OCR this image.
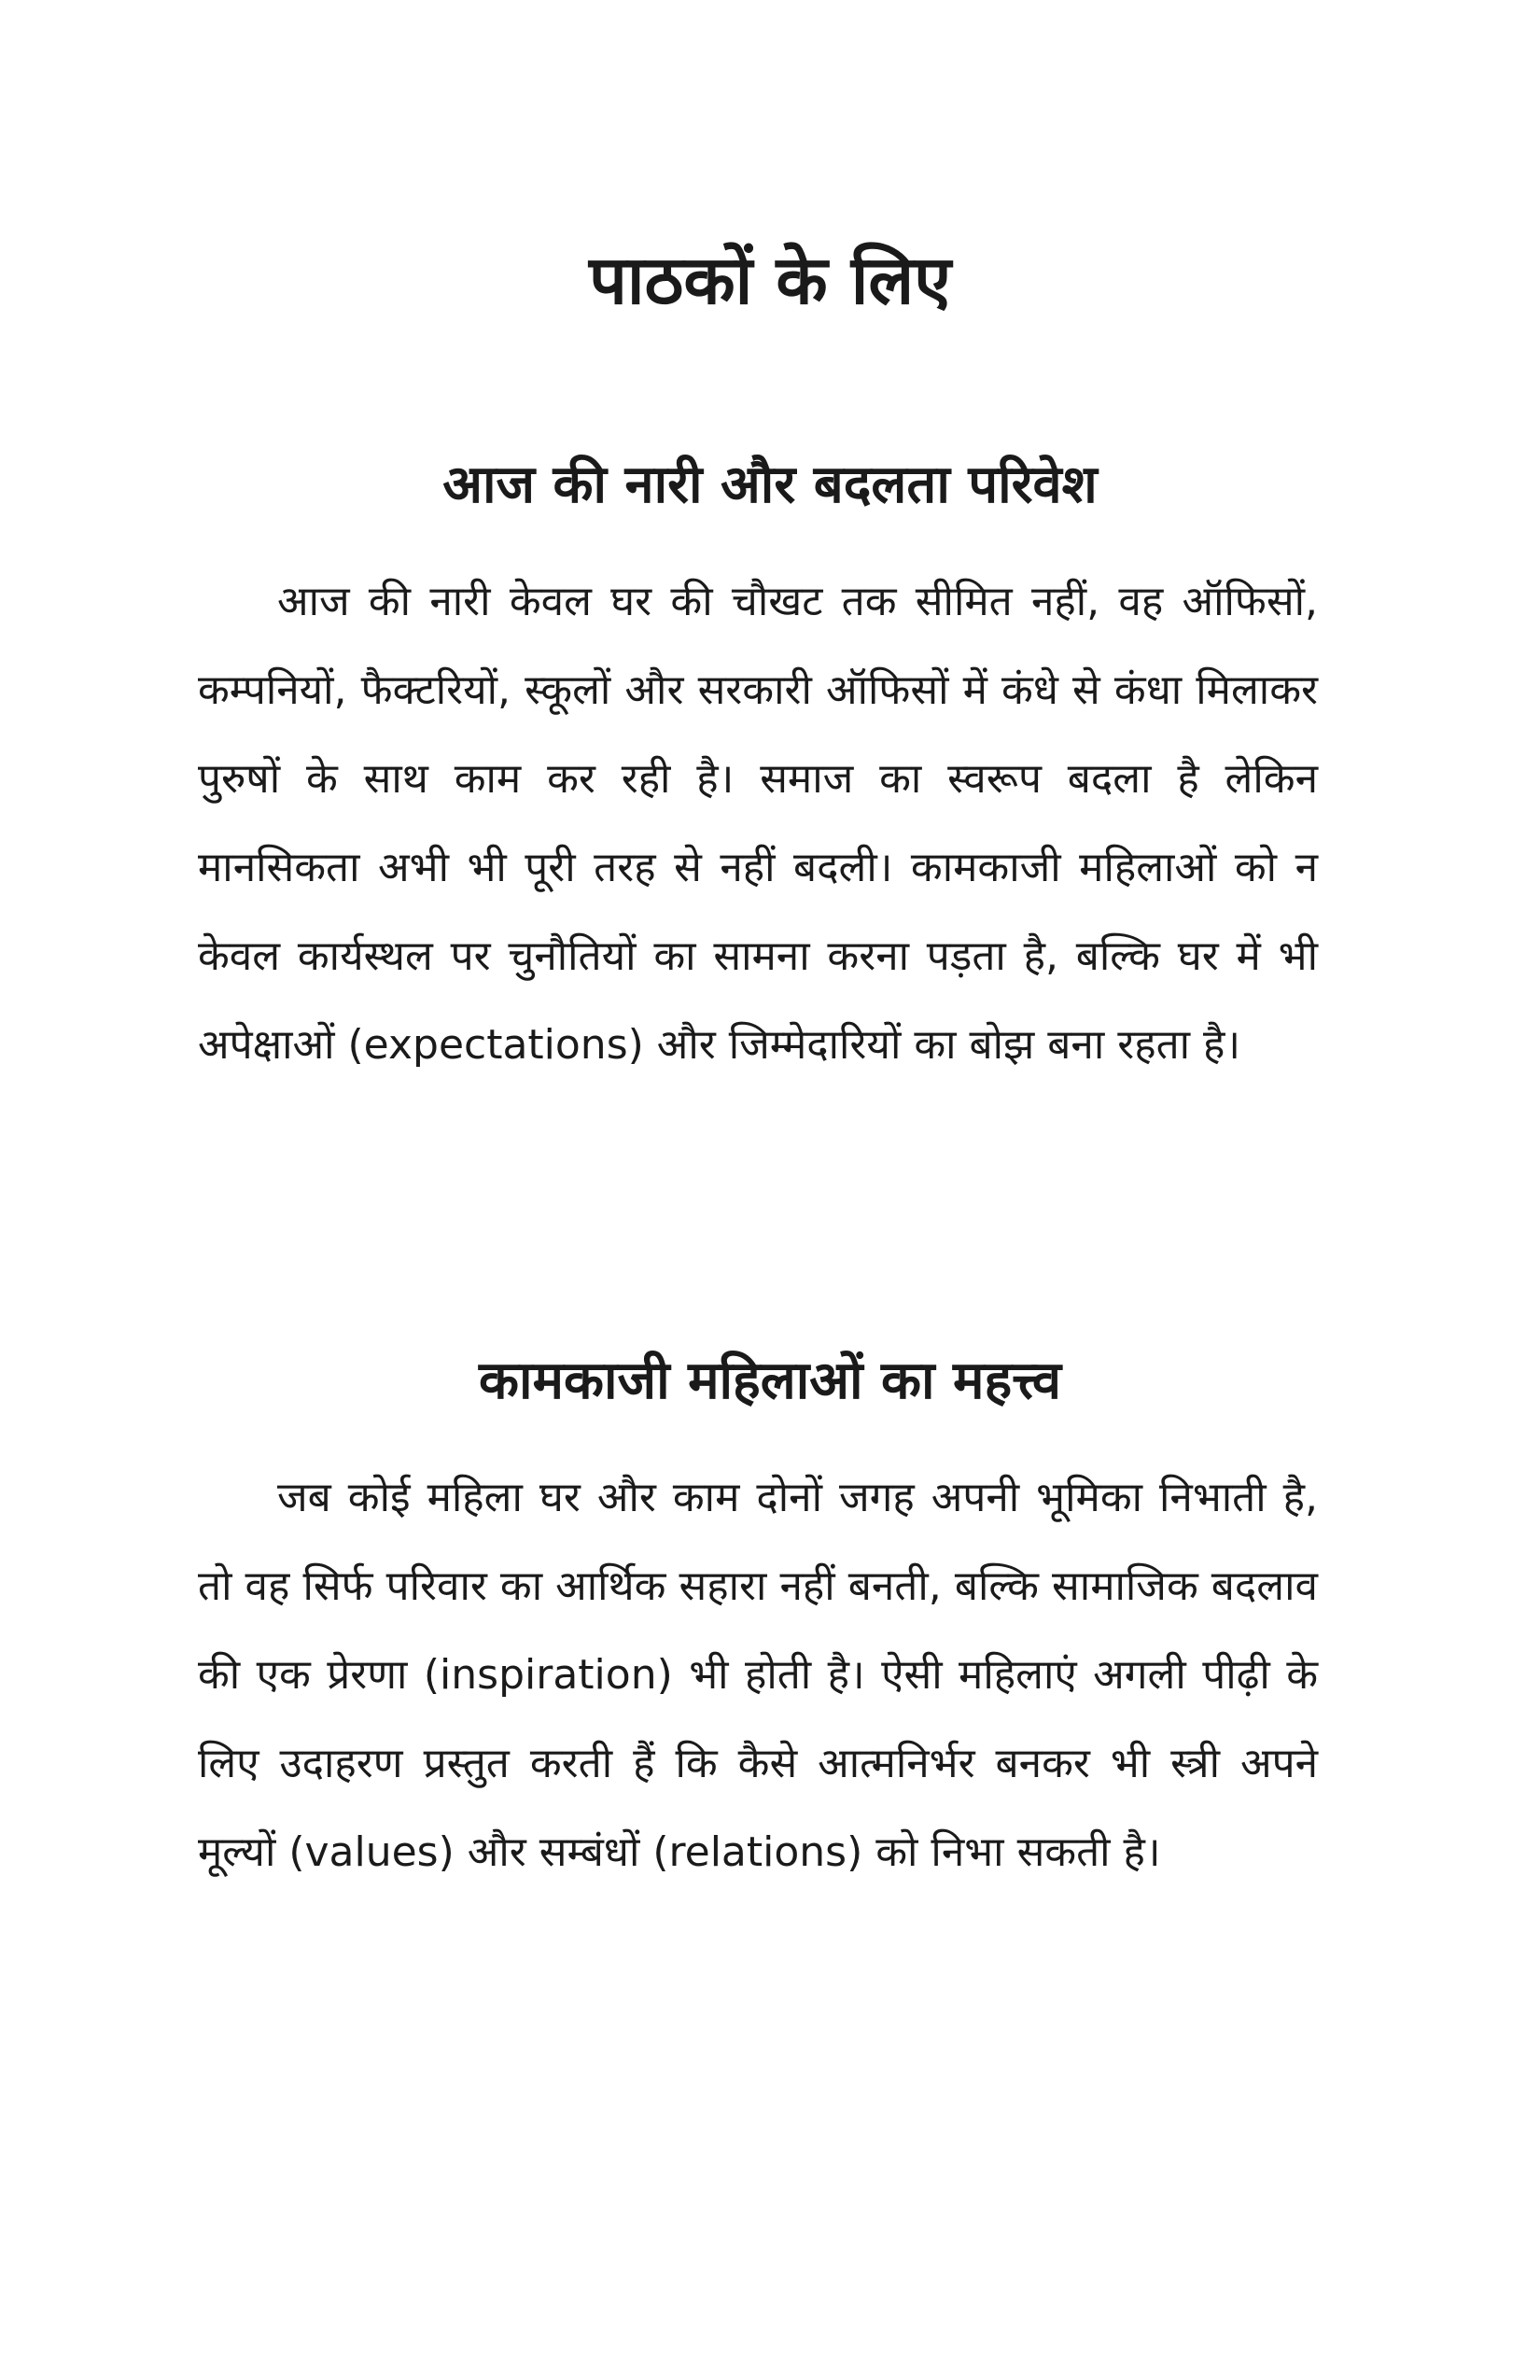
पाठकों के लिए
आज की नारी और बदलता परिवेश

आज की नारी केवल घर की चौखट तक सीमित नहीं, वह ऑफिसों, कम्पनियों, फैक्टरियों, स्कूलों और सरकारी ऑफिसों में कंधे से कंधा मिलाकर पुरुषों के साथ काम कर रही है। समाज का स्वरूप बदला है लेकिन मानसिकता अभी भी पूरी तरह से नहीं बदली। कामकाजी महिलाओं को न केवल कार्यस्थल पर चुनौतियों का सामना करना पड़ता है, बल्कि घर में भी अपेक्षाओं (expectations) और जिम्मेदारियों का बोझ बना रहता है।

कामकाजी महिलाओं का महत्त्व

जब कोई महिला घर और काम दोनों जगह अपनी भूमिका निभाती है, तो वह सिर्फ परिवार का आर्थिक सहारा नहीं बनती, बल्कि सामाजिक बदलाव की एक प्रेरणा (inspiration) भी होती है। ऐसी महिलाएं अगली पीढ़ी के लिए उदाहरण प्रस्तुत करती हैं कि कैसे आत्मनिर्भर बनकर भी स्त्री अपने मूल्यों (values) और सम्बंधों (relations) को निभा सकती है।
